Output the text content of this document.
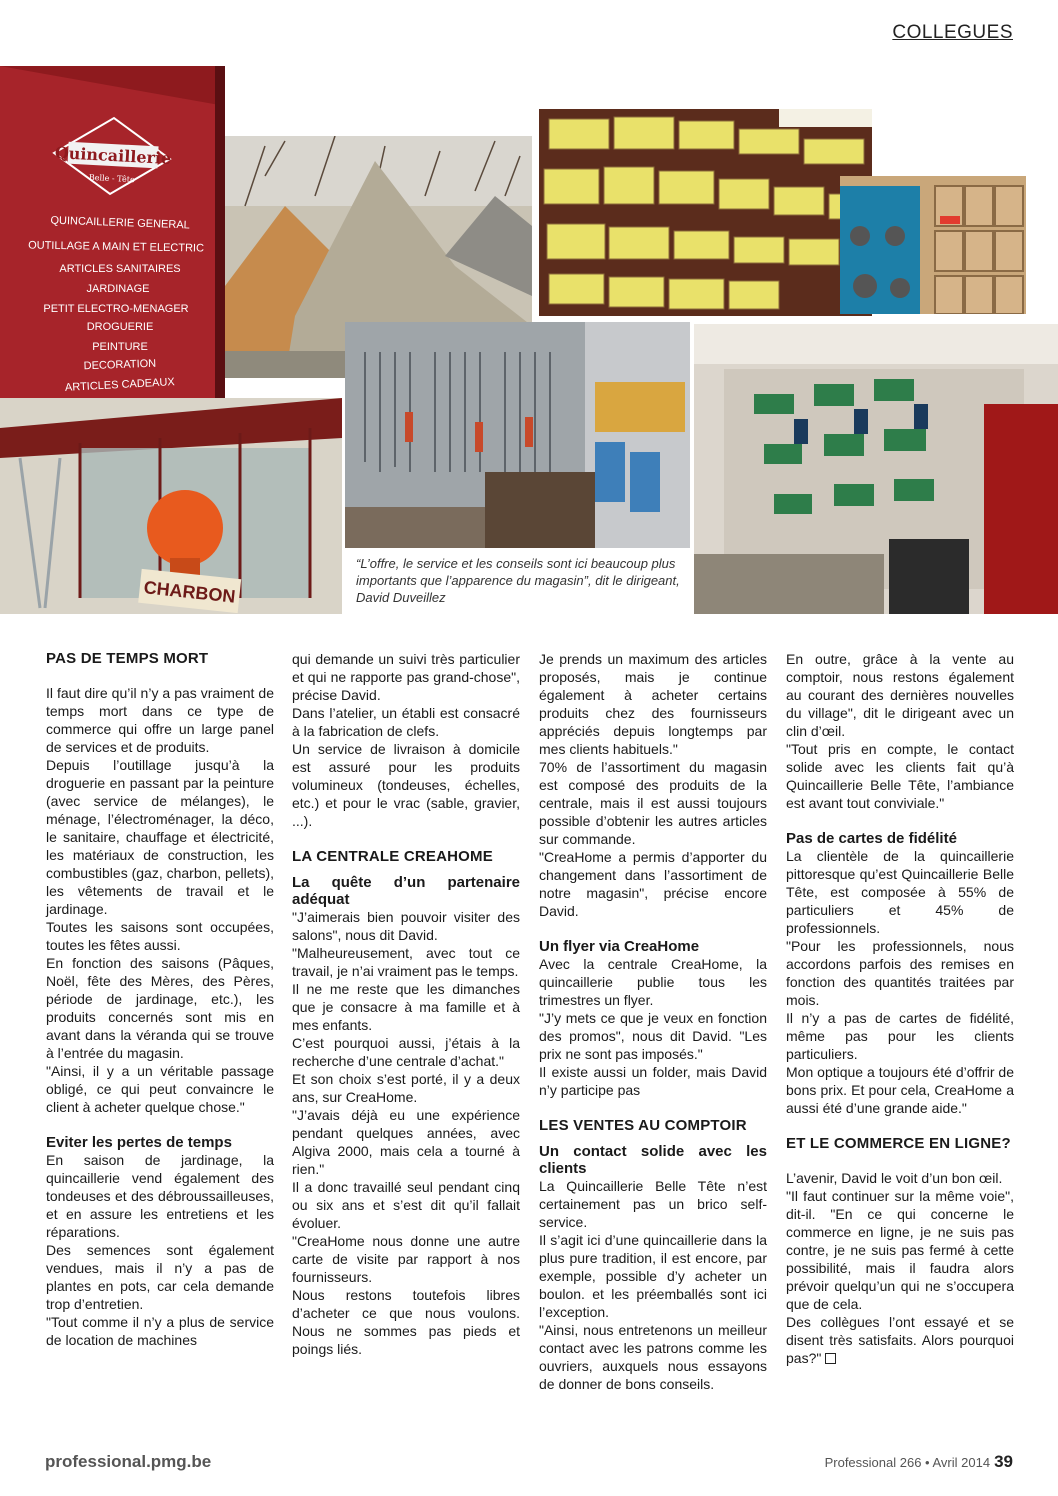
COLLEGUES
Quincaillerie
Belle - Tête
QUINCAILLERIE GENERAL
OUTILLAGE A MAIN ET ELECTRIC
ARTICLES SANITAIRES
JARDINAGE
PETIT ELECTRO-MENAGER
DROGUERIE
PEINTURE
DECORATION
ARTICLES CADEAUX
CHARBON
“L’offre, le service et les conseils sont ici beaucoup plus importants que l’apparence du magasin”, dit le dirigeant, David Duveillez
PAS DE TEMPS MORT

Il faut dire qu’il n’y a pas vraiment de temps mort dans ce type de commerce qui offre un large panel de services et de produits.

Depuis l’outillage jusqu’à la droguerie en passant par la peinture (avec service de mélanges), le ménage, l’électroménager, la déco, le sanitaire, chauffage et électricité, les matériaux de construction, les combustibles (gaz, charbon, pellets), les vêtements de travail et le jardinage.

Toutes les saisons sont occupées, toutes les fêtes aussi.

En fonction des saisons (Pâques, Noël, fête des Mères, des Pères, période de jardinage, etc.), les produits concernés sont mis en avant dans la véranda qui se trouve à l’entrée du magasin.

"Ainsi, il y a un véritable passage obligé, ce qui peut convaincre le client à acheter quelque chose."

Eviter les pertes de temps

En saison de jardinage, la quincaillerie vend également des tondeuses et des débroussailleuses, et en assure les entretiens et les réparations.

Des semences sont également vendues, mais il n’y a pas de plantes en pots, car cela demande trop d’entretien.

"Tout comme il n’y a plus de service de location de machines

qui demande un suivi très particulier et qui ne rapporte pas grand-chose", précise David.

Dans l’atelier, un établi est consacré à la fabrication de clefs.

Un service de livraison à domicile est assuré pour les produits volumineux (tondeuses, échelles, etc.) et pour le vrac (sable, gravier, ...).

LA CENTRALE CREAHOME
La quête d’un partenaire adéquat

"J’aimerais bien pouvoir visiter des salons", nous dit David.

"Malheureusement, avec tout ce travail, je n’ai vraiment pas le temps.

Il ne me reste que les dimanches que je consacre à ma famille et à mes enfants.

C’est pourquoi aussi, j’étais à la recherche d’une centrale d’achat."

Et son choix s’est porté, il y a deux ans, sur CreaHome.

"J’avais déjà eu une expérience pendant quelques années, avec Algiva 2000, mais cela a tourné à rien."

Il a donc travaillé seul pendant cinq ou six ans et s’est dit qu’il fallait évoluer.

"CreaHome nous donne une autre carte de visite par rapport à nos fournisseurs.

Nous restons toutefois libres d’acheter ce que nous voulons. Nous ne sommes pas pieds et poings liés.

Je prends un maximum des articles proposés, mais je continue également à acheter certains produits chez des fournisseurs appréciés depuis longtemps par mes clients habituels."

70% de l’assortiment du magasin est composé des produits de la centrale, mais il est aussi toujours possible d’obtenir les autres articles sur commande.

"CreaHome a permis d’apporter du changement dans l’assortiment de notre magasin", précise encore David.

Un flyer via CreaHome

Avec la centrale CreaHome, la quincaillerie publie tous les trimestres un flyer.

"J’y mets ce que je veux en fonction des promos", nous dit David. "Les prix ne sont pas imposés."

Il existe aussi un folder, mais David n’y participe pas

LES VENTES AU COMPTOIR
Un contact solide avec les clients

La Quincaillerie Belle Tête n’est certainement pas un brico self-service.

Il s’agit ici d’une quincaillerie dans la plus pure tradition, il est encore, par exemple, possible d’y acheter un boulon. et les préemballés sont ici l’exception.

"Ainsi, nous entretenons un meilleur contact avec les patrons comme les ouvriers, auxquels nous essayons de donner de bons conseils.

En outre, grâce à la vente au comptoir, nous restons également au courant des dernières nouvelles du village", dit le dirigeant avec un clin d’œil.

"Tout pris en compte, le contact solide avec les clients fait qu’à Quincaillerie Belle Tête, l’ambiance est avant tout conviviale."

Pas de cartes de fidélité

La clientèle de la quincaillerie pittoresque qu’est Quincaillerie Belle Tête, est composée à 55% de particuliers et 45% de professionnels.

"Pour les professionnels, nous accordons parfois des remises en fonction des quantités traitées par mois.

Il n’y a pas de cartes de fidélité, même pas pour les clients particuliers.

Mon optique a toujours été d’offrir de bons prix. Et pour cela, CreaHome a aussi été d’une grande aide."

ET LE COMMERCE EN LIGNE?

L’avenir, David le voit d’un bon œil.

"Il faut continuer sur la même voie", dit-il. "En ce qui concerne le commerce en ligne, je ne suis pas contre, je ne suis pas fermé à cette possibilité, mais il faudra alors prévoir quelqu’un qui ne s’occupera que de cela.

Des collègues l’ont essayé et se disent très satisfaits. Alors pourquoi pas?"

professional.pmg.be	Professional 266 • Avril 2014 39
